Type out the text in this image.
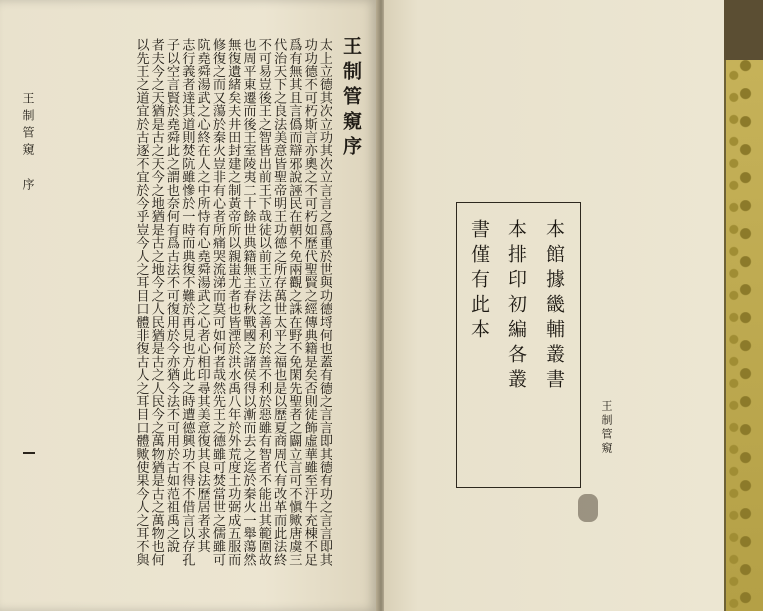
王制管窺序

太上立德其次立功其次立言言之爲重於世與功德埒何也蓋有德之言言即其德有功之言言即其

功功德不可朽斯言亦奧之不可朽如歷代聖賢之經傳典籍是矣否則徒飾虛華雖至汗牛充棟不足

爲有無其且言僞而辯邪說誣民在朝不免兩觀之誅在野不免閑先聖者之闢立言可不愼歟唐虞三

代治天下之良法美意皆聖帝明王功德之所存萬世太平之福也是以歷夏商周代有改革而此法終

不可易豈後王之智皆出前王下哉徒以前王立法之善利於善不利於惡雖有智者不能出其範圍故

也周平東遷而後王室陵夷二十餘世典籍無主春秋戰國之諸侯得以漸而去之迄於秦火一舉蕩然

無復遺緒矣夫井田封建之制黃帝所以親蚩尤者也皆湮於洪水禹八年於外荒度土功弼成五服而

修復之而又蕩於秦火豈非有心者所痛哭流涕而莫可如何者哉然先王之德雖可焚當世之儒雖可

阬堯舜湯武之心終在人之中所恃有心堯舜湯武之心者心相印尋其美意復其良法歷居者求其

志行義者達其道則焚阬雖慘於一時而典復不難於再見也方此之時遭德興功不得不借言以存孔

子以空言賢於堯舜此之謂也奈何有爲古法不可復用於今亦猶今法不可用於古如范祖禹之說

者夫今之天猶是古之天今之地猶是古之地今之人民猶是古之人民今之萬物猶是古之萬物也何

以先王之道宜於古逐不宜於今乎豈今人之耳目口體非復古人之耳目口體歟使果今人之耳不與

王制管窺序
本館據畿輔叢書
本排印初編各叢
書僅有此本
王制管窺
